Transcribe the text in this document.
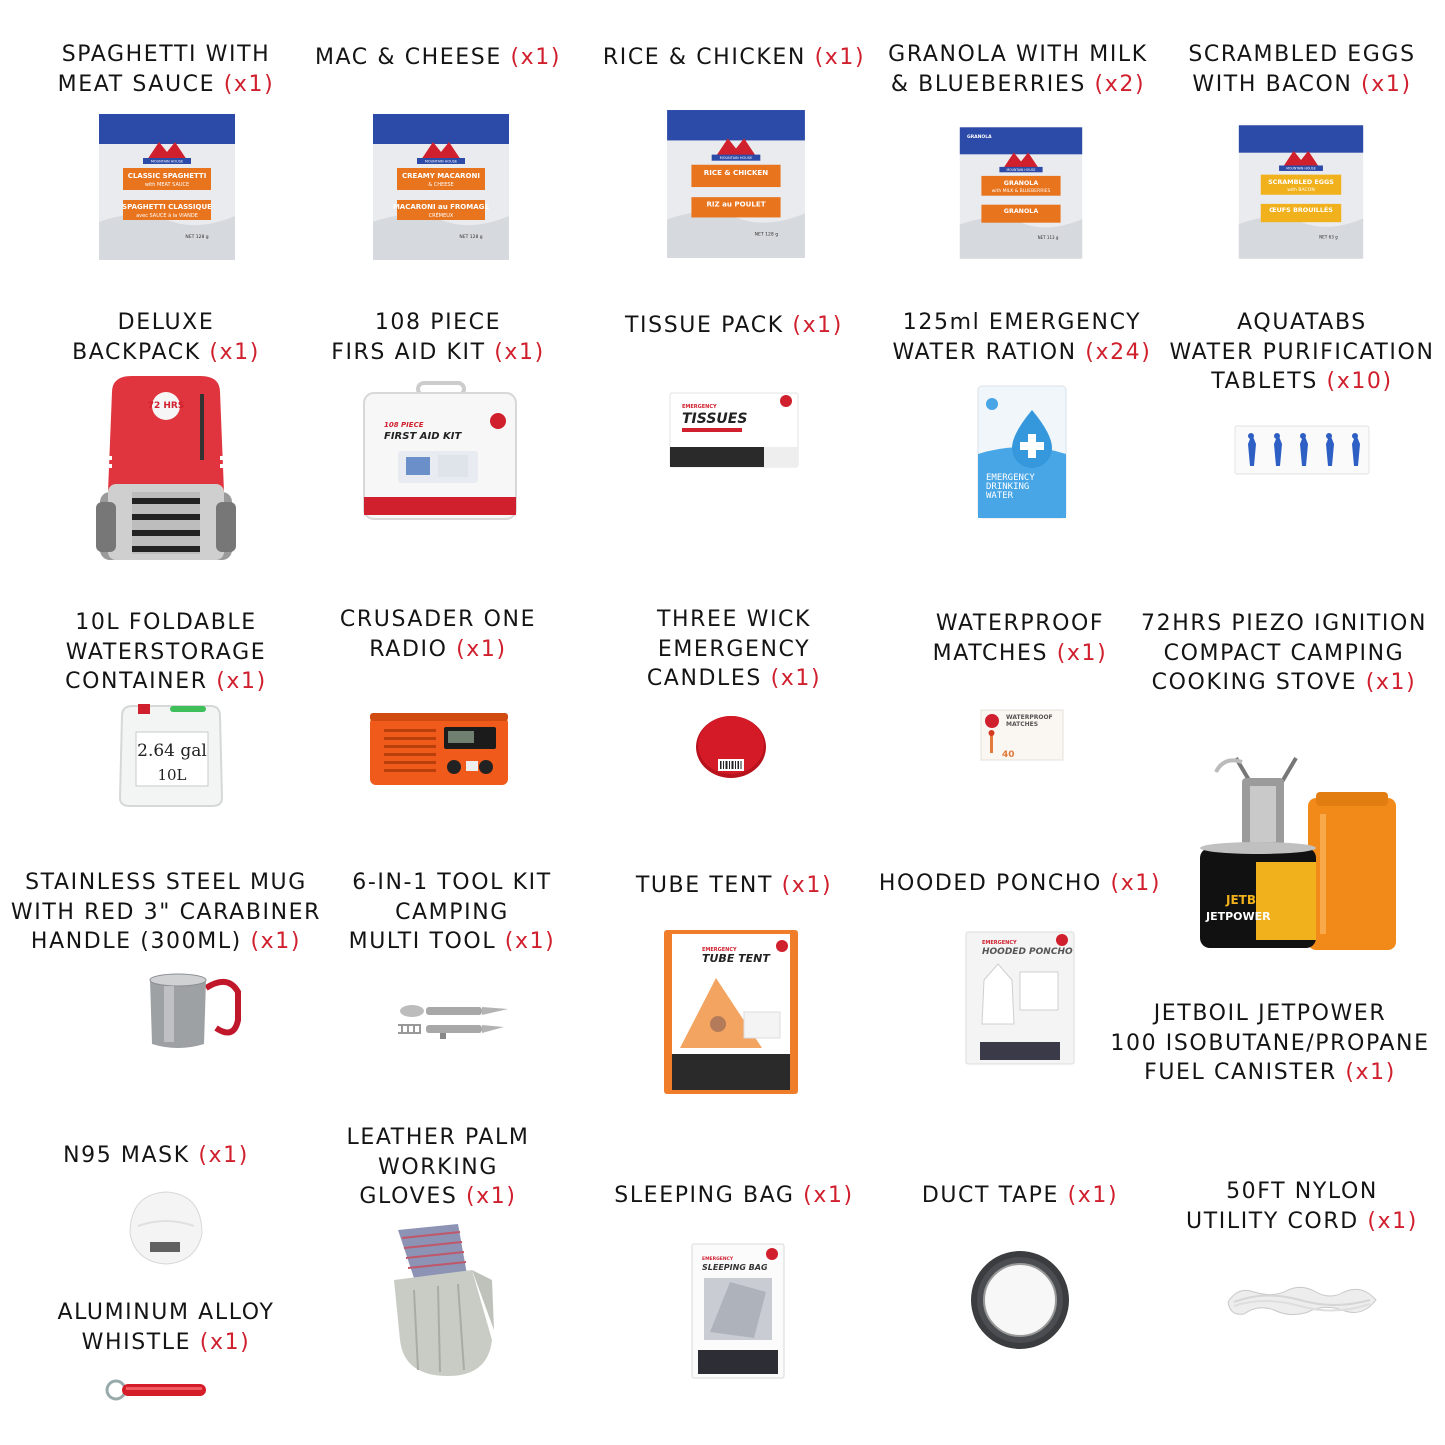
SPAGHETTI WITH
MEAT SAUCE (x1)
MAC & CHEESE (x1) RICE & CHICKEN (x1) GRANOLA WITH MILK
& BLUEBERRIES (x2)
SCRAMBLED EGGS
WITH BACON (x1)
DELUXE
BACKPACK (x1)
108 PIECE
FIRS AID KIT (x1)
TISSUE PACK (x1)	125ml EMERGENCY
WATER RATION (x24)
AQUATABS
WATER PURIFICATION
TABLETS (x10)
10L FOLDABLE
WATERSTORAGE
CONTAINER (x1)
CRUSADER ONE
RADIO (x1)
THREE WICK
EMERGENCY
CANDLES (x1)
WATERPROOF
MATCHES (x1)
72HRS PIEZO IGNITION
COMPACT CAMPING
COOKING STOVE (x1)
STAINLESS STEEL MUG
WITH RED 3" CARABINER
HANDLE (300ML) (x1)
6-IN-1 TOOL KIT
CAMPING
MULTI TOOL (x1)
TUBE TENT (x1) HOODED PONCHO (x1)
JETBOIL JETPOWER
100 ISOBUTANE/PROPANE
FUEL CANISTER (x1)
N95 MASK (x1)
ALUMINUM ALLOY
WHISTLE (x1)
LEATHER PALM
WORKING
GLOVES (x1)	SLEEPING BAG (x1)	DUCT TAPE (x1)	50FT NYLON
UTILITY CORD (x1)
MOUNTAIN HOUSE
CLASSIC SPAGHETTI
with MEAT SAUCE
SPAGHETTI CLASSIQUE
avec SAUCE à la VIANDE
NET 128 g
MOUNTAIN HOUSE
CREAMY MACARONI
& CHEESE
MACARONI au FROMAGE
CRÉMEUX
NET 128 g
MOUNTAIN HOUSE
RICE & CHICKEN
RIZ au POULET
NET 128 g
MOUNTAIN HOUSE
GRANOLA
with MILK & BLUEBERRIES
GRANOLA
NET 113 g
GRANOLA
MOUNTAIN HOUSE
SCRAMBLED EGGS
with BACON
ŒUFS BROUILLÉS
NET 63 g
72 HRS
108 PIECE
FIRST AID KIT
EMERGENCY
TISSUES
EMERGENCY
DRINKING
WATER
2.64 gal
10L
WATERPROOF
MATCHES
40
JETBOIL
JETPOWER
EMERGENCY
TUBE TENT
EMERGENCY
HOODED PONCHO
EMERGENCY
SLEEPING BAG
